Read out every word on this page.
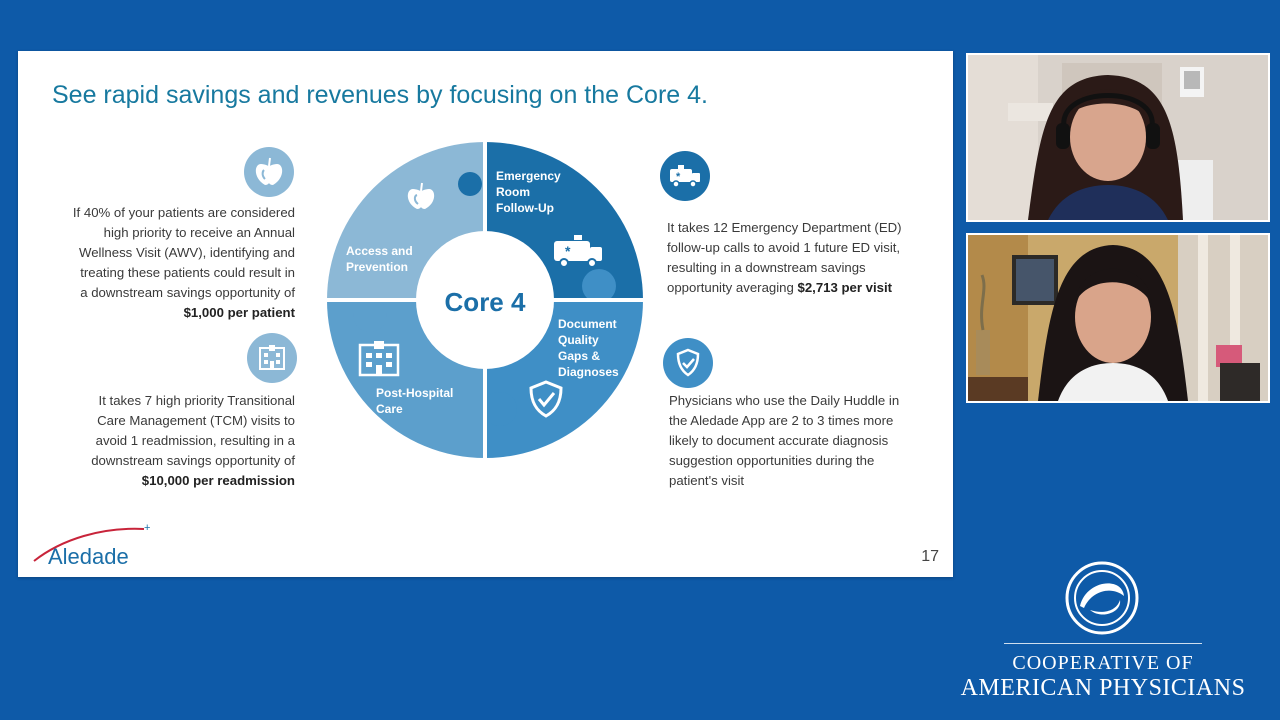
See rapid savings and revenues by focusing on the Core 4.
Core 4
Access and Prevention
Emergency Room Follow-Up
*
Document Quality Gaps & Diagnoses
Post-Hospital Care
*
If 40% of your patients are considered
high priority to receive an Annual
Wellness Visit (AWV), identifying and
treating these patients could result in
a downstream savings opportunity of
$1,000 per patient
It takes 7 high priority Transitional
Care Management (TCM) visits to
avoid 1 readmission, resulting in a
downstream savings opportunity of
$10,000 per readmission
It takes 12 Emergency Department (ED)
follow-up calls to avoid 1 future ED visit,
resulting in a downstream savings
opportunity averaging $2,713 per visit
Physicians who use the Daily Huddle in
the Aledade App are 2 to 3 times more
likely to document accurate diagnosis
suggestion opportunities during the
patient's visit
+
Aledade	17
COOPERATIVE OF
AMERICAN PHYSICIANS
